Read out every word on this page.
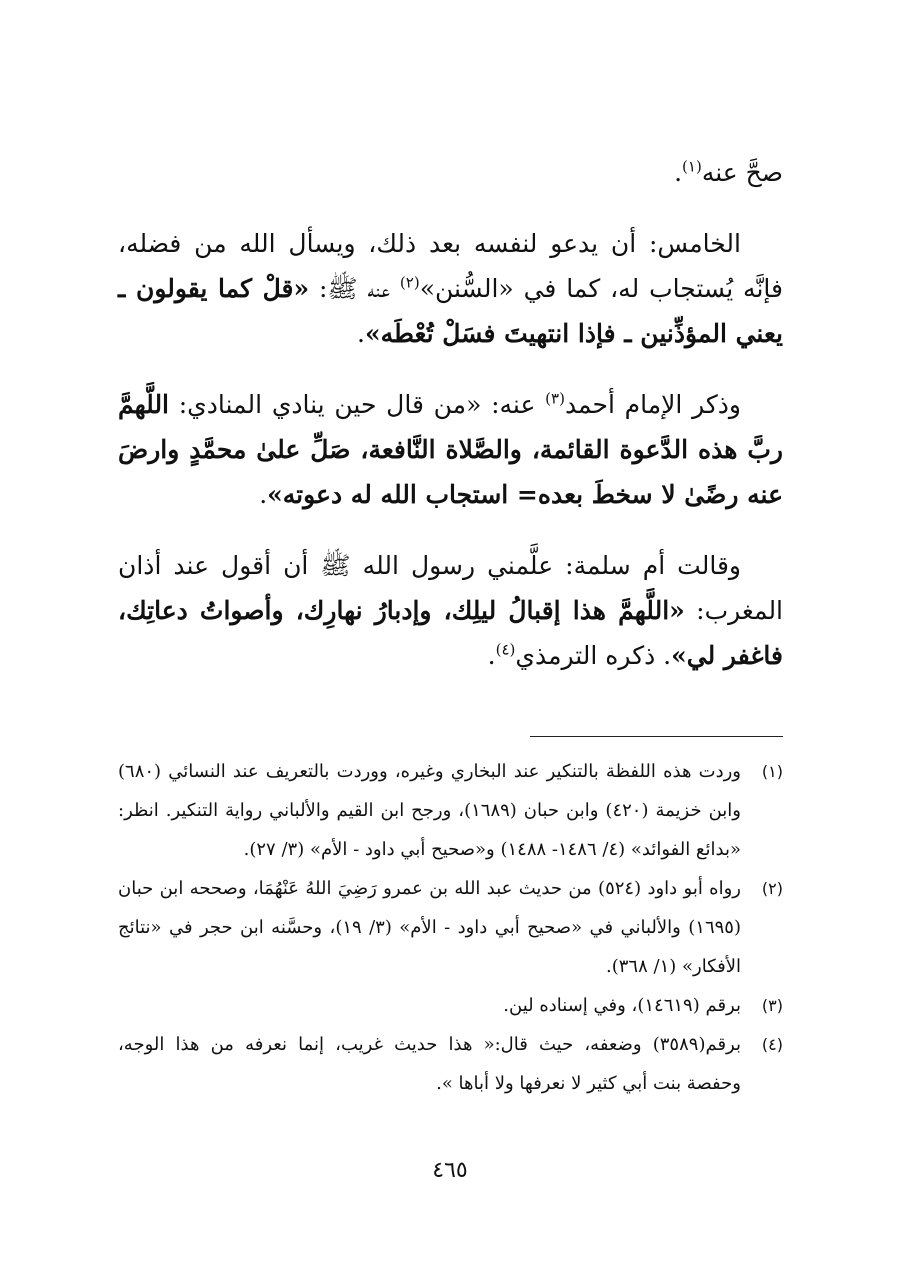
صحَّ عنه$^{(١)}$.

الخامس: أن يدعو لنفسه بعد ذلك، ويسأل الله من فضله، فإنَّه يُستجاب له، كما في «السُّنن»$^{(٢)}$ عنه ﷺ: «قلْ كما يقولون ـ يعني المؤذِّنين ـ فإذا انتهيتَ فسَلْ تُعْطَه».

وذكر الإمام أحمد$^{(٣)}$ عنه: «من قال حين ينادي المنادي: اللَّهمَّ ربَّ هذه الدَّعوة القائمة، والصَّلاة النَّافعة، صَلِّ علىٰ محمَّدٍ وارضَ عنه رضًىٰ لا سخطَ بعده= استجاب الله له دعوته».

وقالت أم سلمة: علَّمني رسول الله ﷺ أن أقول عند أذان المغرب: «اللَّهمَّ هذا إقبالُ ليلِك، وإدبارُ نهارِك، وأصواتُ دعاتِك، فاغفر لي». ذكره الترمذي$^{(٤)}$.

(١)
وردت هذه اللفظة بالتنكير عند البخاري وغيره، ووردت بالتعريف عند النسائي (٦٨٠) وابن خزيمة (٤٢٠) وابن حبان (١٦٨٩)، ورجح ابن القيم والألباني رواية التنكير. انظر: «بدائع الفوائد» (٤/ ١٤٨٦- ١٤٨٨) و«صحيح أبي داود - الأم» (٣/ ٢٧).
(٢)
رواه أبو داود (٥٢٤) من حديث عبد الله بن عمرو رَضِيَ اللهُ عَنْهُمَا، وصححه ابن حبان (١٦٩٥) والألباني في «صحيح أبي داود - الأم» (٣/ ١٩)، وحسَّنه ابن حجر في «نتائج الأفكار» (١/ ٣٦٨).
(٣)
برقم (١٤٦١٩)، وفي إسناده لين.
(٤)
برقم(٣٥٨٩) وضعفه، حيث قال:« هذا حديث غريب، إنما نعرفه من هذا الوجه، وحفصة بنت أبي كثير لا نعرفها ولا أباها ».
٤٦٥
